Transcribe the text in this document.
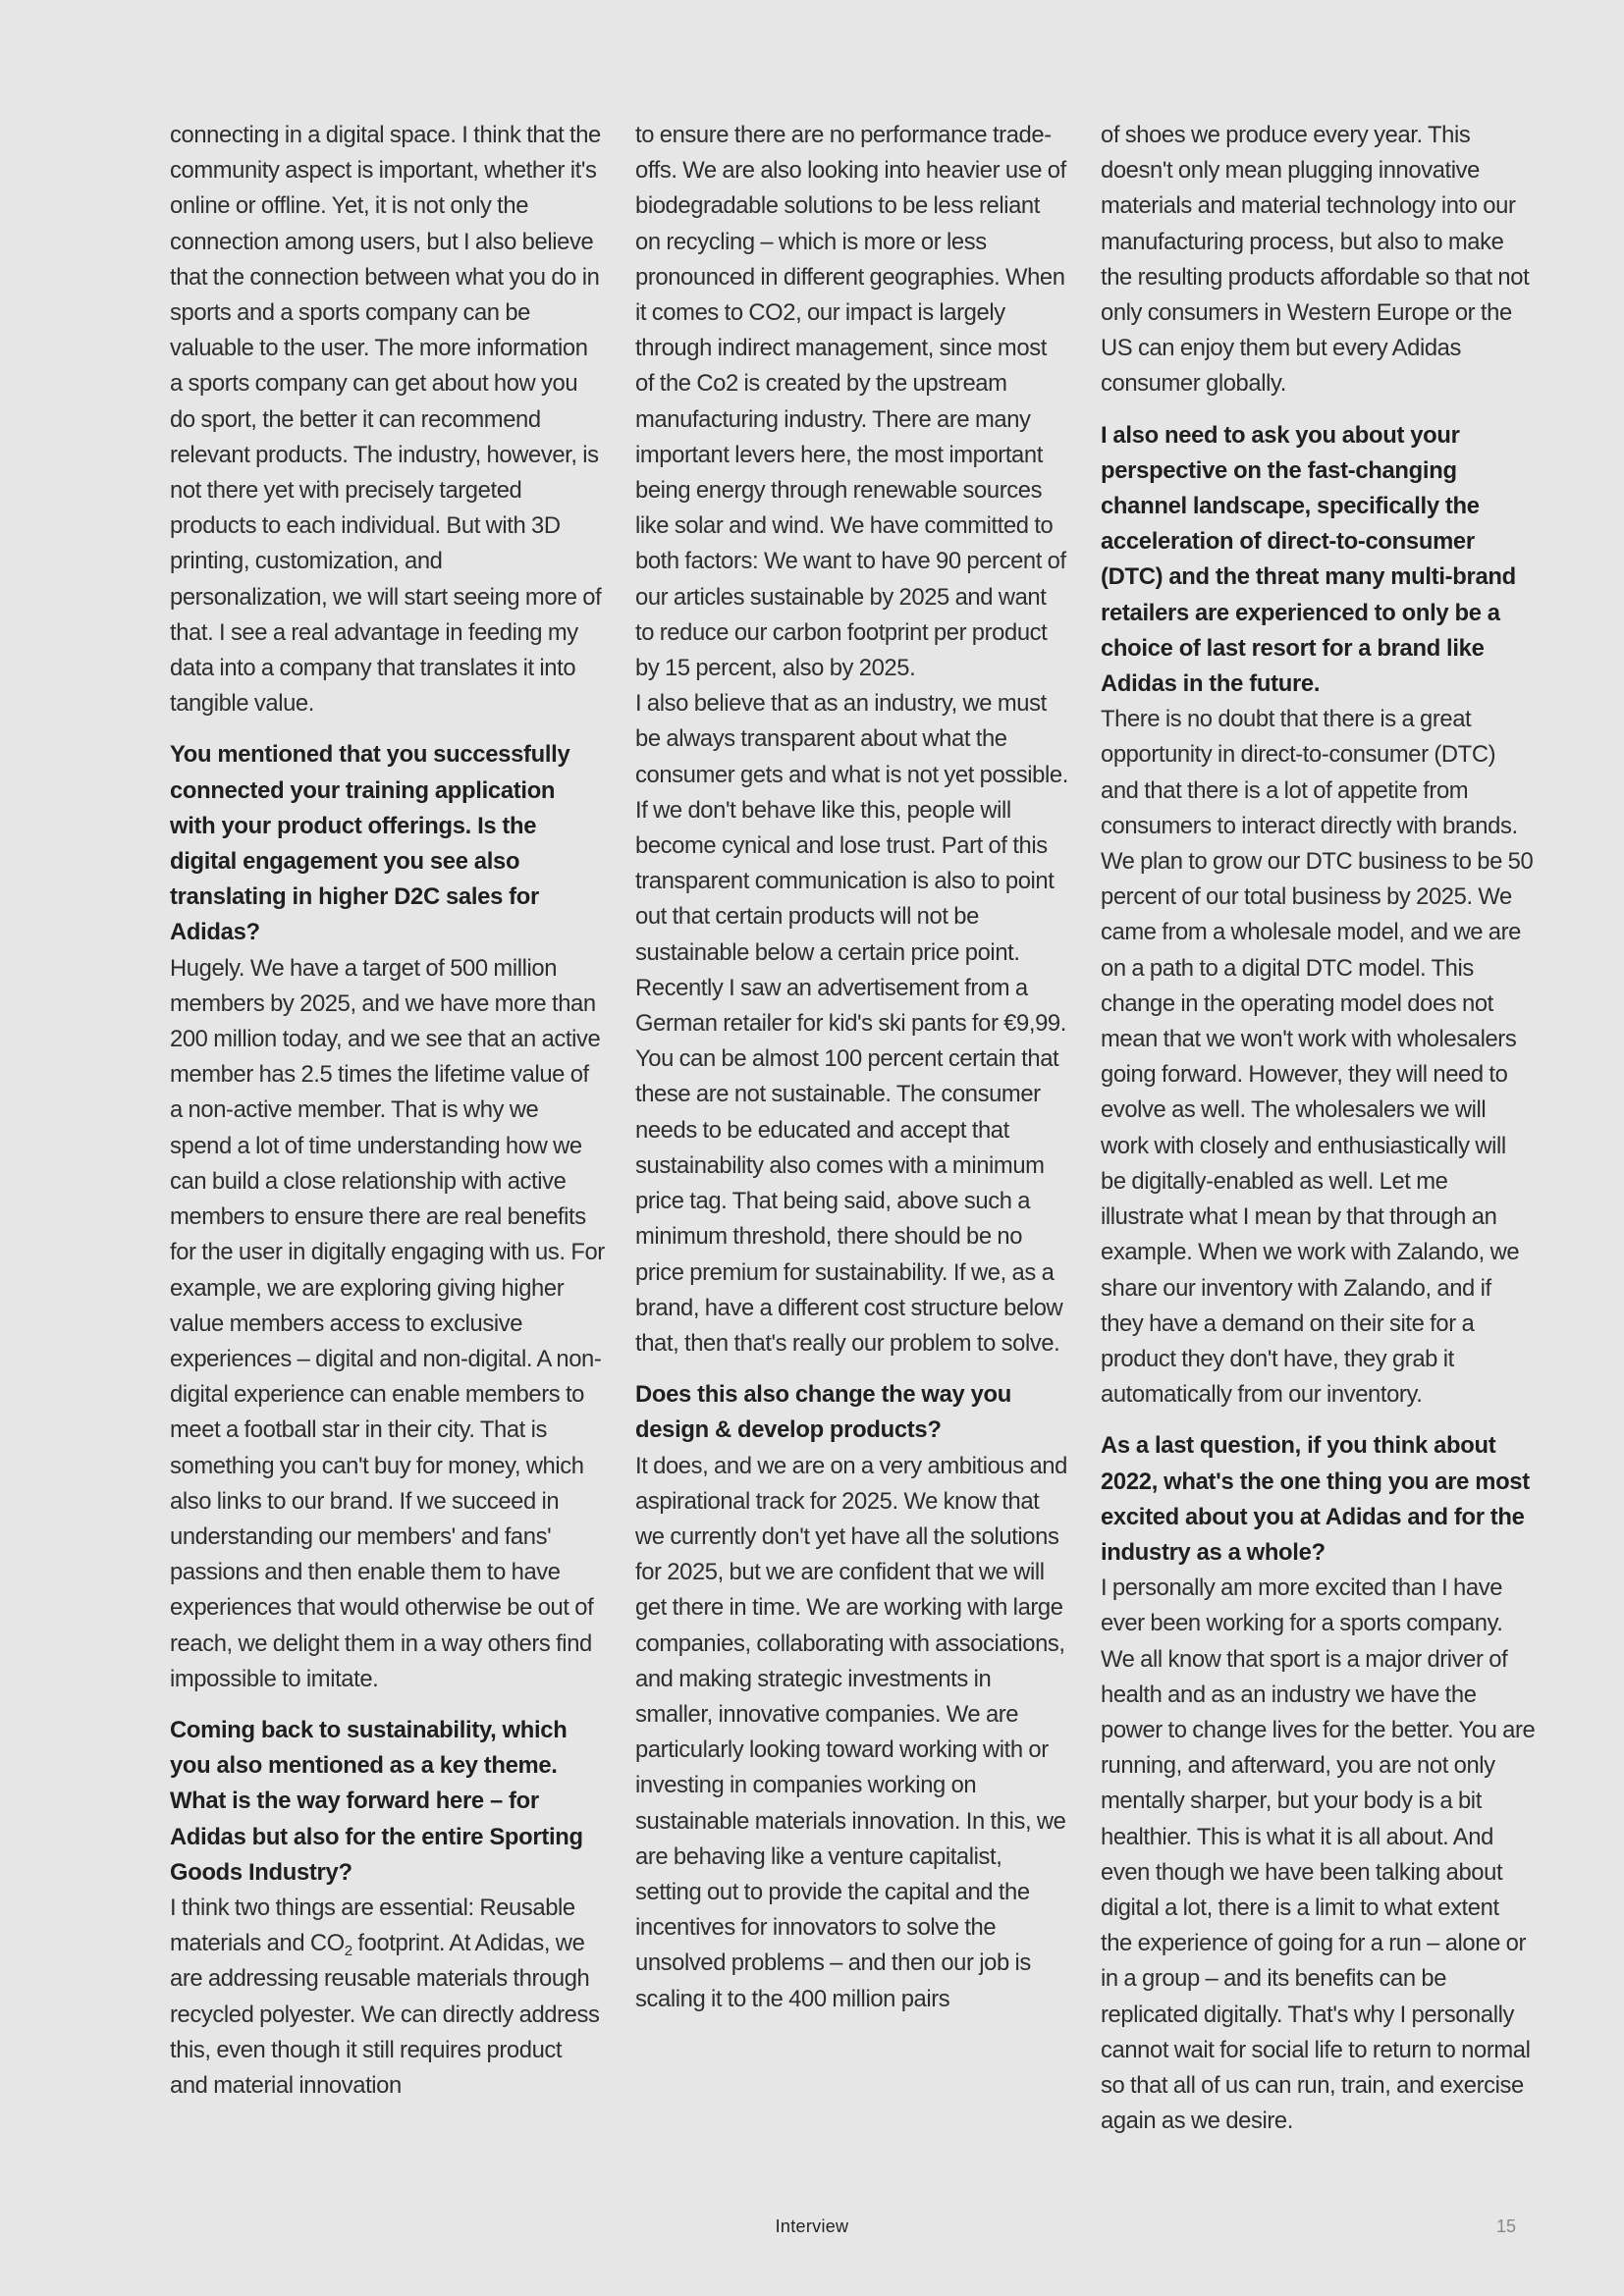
connecting in a digital space. I think that the community aspect is important, whether it's online or offline. Yet, it is not only the connection among users, but I also believe that the connection between what you do in sports and a sports company can be valuable to the user. The more information a sports company can get about how you do sport, the better it can recommend relevant products. The industry, however, is not there yet with precisely targeted products to each individual. But with 3D printing, customization, and personalization, we will start seeing more of that. I see a real advantage in feeding my data into a company that translates it into tangible value.

You mentioned that you successfully connected your training application with your product offerings. Is the digital engagement you see also translating in higher D2C sales for Adidas?

Hugely. We have a target of 500 million members by 2025, and we have more than 200 million today, and we see that an active member has 2.5 times the lifetime value of a non-active member. That is why we spend a lot of time understanding how we can build a close relationship with active members to ensure there are real benefits for the user in digitally engaging with us. For example, we are exploring giving higher value members access to exclusive experiences – digital and non-digital. A non-digital experience can enable members to meet a football star in their city. That is something you can't buy for money, which also links to our brand. If we succeed in understanding our members' and fans' passions and then enable them to have experiences that would otherwise be out of reach, we delight them in a way others find impossible to imitate.

Coming back to sustainability, which you also mentioned as a key theme. What is the way forward here – for Adidas but also for the entire Sporting Goods Industry?

I think two things are essential: Reusable materials and $CO_2$ footprint. At Adidas, we are addressing reusable materials through recycled polyester. We can directly address this, even though it still requires product and material innovation

to ensure there are no performance trade-offs. We are also looking into heavier use of biodegradable solutions to be less reliant on recycling – which is more or less pronounced in different geographies. When it comes to CO2, our impact is largely through indirect management, since most of the Co2 is created by the upstream manufacturing industry. There are many important levers here, the most important being energy through renewable sources like solar and wind. We have committed to both factors: We want to have 90 percent of our articles sustainable by 2025 and want to reduce our carbon footprint per product by 15 percent, also by 2025.

I also believe that as an industry, we must be always transparent about what the consumer gets and what is not yet possible. If we don't behave like this, people will become cynical and lose trust. Part of this transparent communication is also to point out that certain products will not be sustainable below a certain price point. Recently I saw an advertisement from a German retailer for kid's ski pants for €9,99. You can be almost 100 percent certain that these are not sustainable. The consumer needs to be educated and accept that sustainability also comes with a minimum price tag. That being said, above such a minimum threshold, there should be no price premium for sustainability. If we, as a brand, have a different cost structure below that, then that's really our problem to solve.

Does this also change the way you design & develop products?

It does, and we are on a very ambitious and aspirational track for 2025. We know that we currently don't yet have all the solutions for 2025, but we are confident that we will get there in time. We are working with large companies, collaborating with associations, and making strategic investments in smaller, innovative companies. We are particularly looking toward working with or investing in companies working on sustainable materials innovation. In this, we are behaving like a venture capitalist, setting out to provide the capital and the incentives for innovators to solve the unsolved problems – and then our job is scaling it to the 400 million pairs

of shoes we produce every year. This doesn't only mean plugging innovative materials and material technology into our manufacturing process, but also to make the resulting products affordable so that not only consumers in Western Europe or the US can enjoy them but every Adidas consumer globally.

I also need to ask you about your perspective on the fast-changing channel landscape, specifically the acceleration of direct-to-consumer (DTC) and the threat many multi-brand retailers are experienced to only be a choice of last resort for a brand like Adidas in the future.

There is no doubt that there is a great opportunity in direct-to-consumer (DTC) and that there is a lot of appetite from consumers to interact directly with brands. We plan to grow our DTC business to be 50 percent of our total business by 2025. We came from a wholesale model, and we are on a path to a digital DTC model. This change in the operating model does not mean that we won't work with wholesalers going forward. However, they will need to evolve as well. The wholesalers we will work with closely and enthusiastically will be digitally-enabled as well. Let me illustrate what I mean by that through an example. When we work with Zalando, we share our inventory with Zalando, and if they have a demand on their site for a product they don't have, they grab it automatically from our inventory.

As a last question, if you think about 2022, what's the one thing you are most excited about you at Adidas and for the industry as a whole?

I personally am more excited than I have ever been working for a sports company. We all know that sport is a major driver of health and as an industry we have the power to change lives for the better. You are running, and afterward, you are not only mentally sharper, but your body is a bit healthier. This is what it is all about. And even though we have been talking about digital a lot, there is a limit to what extent the experience of going for a run – alone or in a group – and its benefits can be replicated digitally. That's why I personally cannot wait for social life to return to normal so that all of us can run, train, and exercise again as we desire.

Interview	15
